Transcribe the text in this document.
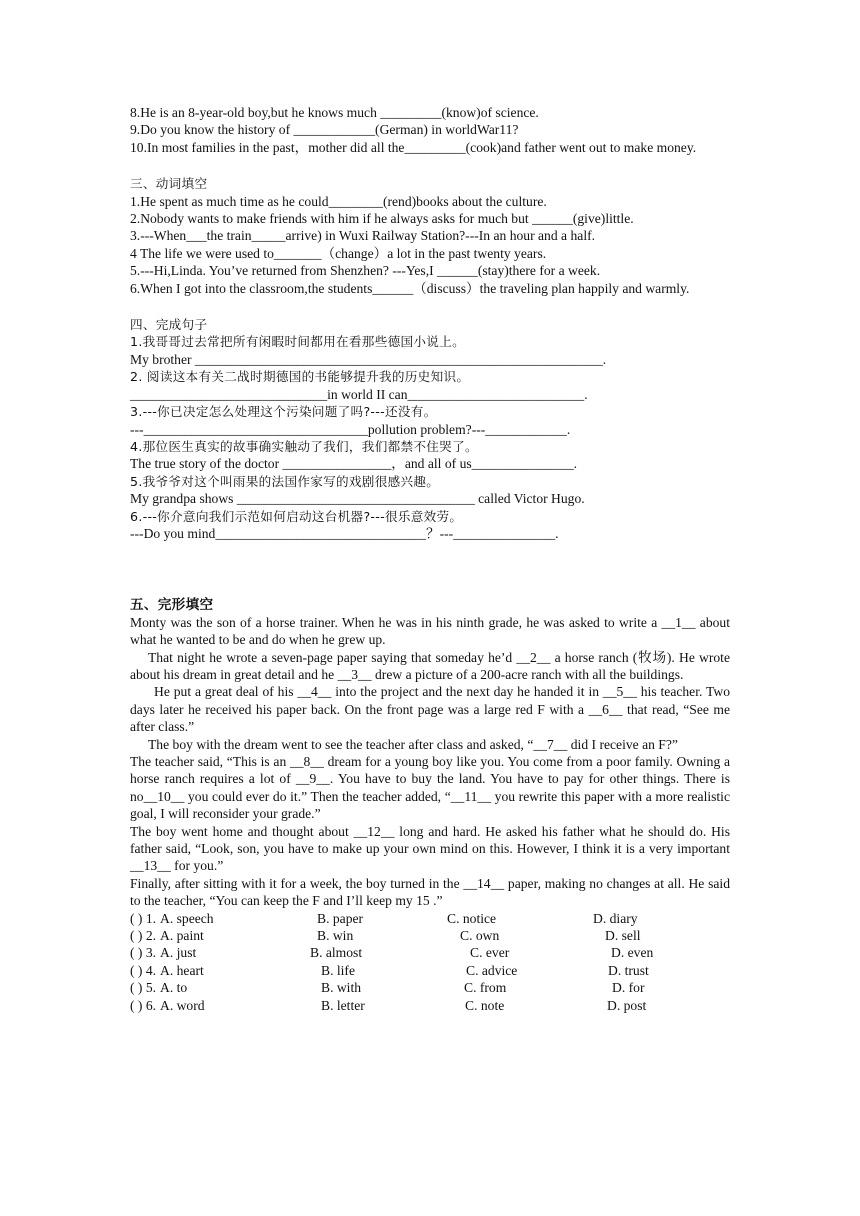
8.He is an 8-year-old boy,but he knows much _________(know)of science.
9.Do you know the history of ____________(German) in worldWar11?
10.In most families in the past，mother did all the_________(cook)and father went out to make money.
三、动词填空
1.He spent as much time as he could________(rend)books about the culture.
2.Nobody wants to make friends with him if he always asks for much but ______(give)little.
3.---When___the train_____arrive) in Wuxi Railway Station?---In an hour and a half.
4 The life we were used to_______（change）a lot in the past twenty years.
5.---Hi,Linda. You’ve returned from Shenzhen? ---Yes,I ______(stay)there for a week.
6.When I got into the classroom,the students______（discuss）the traveling plan happily and warmly.
四、完成句子
1.我哥哥过去常把所有闲暇时间都用在看那些德国小说上。
My brother ____________________________________________________________.
2. 阅读这本有关二战时期德国的书能够提升我的历史知识。
_____________________________in world II can__________________________.
3.---你已决定怎么处理这个污染问题了吗?---还没有。
---_________________________________pollution problem?---____________.
4.那位医生真实的故事确实触动了我们，我们都禁不住哭了。
The true story of the doctor ________________，and all of us_______________.
5.我爷爷对这个叫雨果的法国作家写的戏剧很感兴趣。
My grandpa shows ___________________________________ called Victor Hugo.
6.---你介意向我们示范如何启动这台机器?---很乐意效劳。
---Do you mind_______________________________？---_______________.
五、完形填空
Monty was the son of a horse trainer. When he was in his ninth grade, he was asked to write a __1__ about what he wanted to be and do when he grew up.
That night he wrote a seven-page paper saying that someday he’d __2__ a horse ranch (牧场). He wrote about his dream in great detail and he __3__ drew a picture of a 200-acre ranch with all the buildings.
He put a great deal of his __4__ into the project and the next day he handed it in __5__ his teacher. Two days later he received his paper back. On the front page was a large red F with a __6__ that read, “See me after class.”
The boy with the dream went to see the teacher after class and asked, “__7__ did I receive an F?”
The teacher said, “This is an __8__ dream for a young boy like you. You come from a poor family. Owning a horse ranch requires a lot of __9__. You have to buy the land. You have to pay for other things. There is no__10__ you could ever do it.” Then the teacher added, “__11__ you rewrite this paper with a more realistic goal, I will reconsider your grade.”
The boy went home and thought about __12__ long and hard. He asked his father what he should do. His father said, “Look, son, you have to make up your own mind on this. However, I think it is a very important __13__ for you.”
Finally, after sitting with it for a week, the boy turned in the __14__ paper, making no changes at all. He said to the teacher, “You can keep the F and I’ll keep my 15 .”
( ) 1. A. speech	B. paper	C. notice	D. diary
( ) 2. A. paint	B. win	C. own	D. sell
( ) 3. A. just	B. almost	C. ever	D. even
( ) 4. A. heart	B. life	C. advice	D. trust
( ) 5. A. to	B. with	C. from	D. for
( ) 6. A. word	B. letter	C. note	D. post
